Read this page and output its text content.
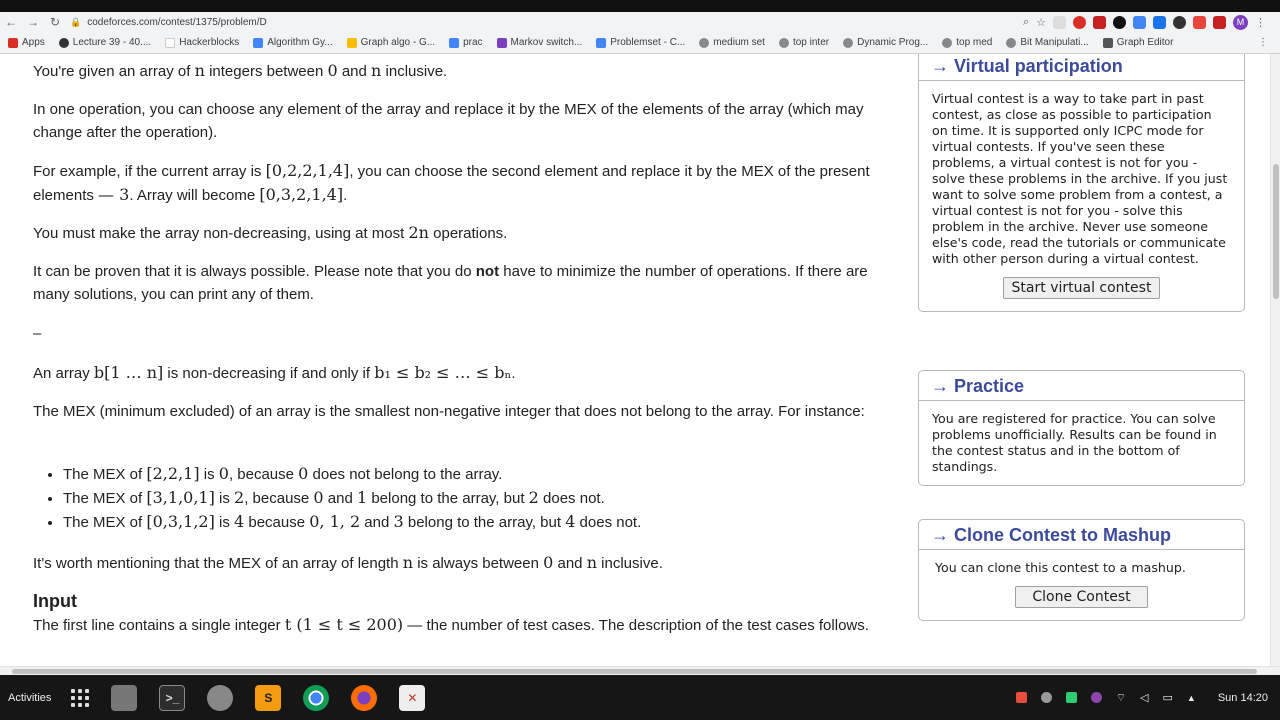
← → ↻	🔒 codeforces.com/contest/1375/problem/D	⌕ ☆	M ⋮
Apps	Lecture 39 - 40....	Hackerblocks	Algorithm Gy...	Graph algo - G...	prac	Markov switch...	Problemset - C...	medium set	top inter	Dynamic Prog...	top med	Bit Manipulati...	Graph Editor	⋮

You're given an array of n integers between 0 and n inclusive.

In one operation, you can choose any element of the array and replace it by the MEX of the elements of the array (which may change after the operation).

For example, if the current array is [0,2,2,1,4], you can choose the second element and replace it by the MEX of the present elements — 3. Array will become [0,3,2,1,4].

You must make the array non-decreasing, using at most 2n operations.

It can be proven that it is always possible. Please note that you do not have to minimize the number of operations. If there are many solutions, you can print any of them.

–

An array b[1 … n] is non-decreasing if and only if b₁ ≤ b₂ ≤ … ≤ bₙ.

The MEX (minimum excluded) of an array is the smallest non-negative integer that does not belong to the array. For instance:

• The MEX of [2,2,1] is 0, because 0 does not belong to the array.
• The MEX of [3,1,0,1] is 2, because 0 and 1 belong to the array, but 2 does not.
• The MEX of [0,3,1,2] is 4 because 0, 1, 2 and 3 belong to the array, but 4 does not.

It's worth mentioning that the MEX of an array of length n is always between 0 and n inclusive.

Input

The first line contains a single integer t (1 ≤ t ≤ 200) — the number of test cases. The description of the test cases follows.

→ Virtual participation
Virtual contest is a way to take part in past contest, as close as possible to participation on time. It is supported only ICPC mode for virtual contests. If you've seen these problems, a virtual contest is not for you - solve these problems in the archive. If you just want to solve some problem from a contest, a virtual contest is not for you - solve this problem in the archive. Never use someone else's code, read the tutorials or communicate with other person during a virtual contest.
Start virtual contest
→ Practice
You are registered for practice. You can solve problems unofficially. Results can be found in the contest status and in the bottom of standings.
→ Clone Contest to Mashup
You can clone this contest to a mashup.
Clone Contest
Activities	>_	S	✕	⌔ ◁ ▭ ▲ Sun 14:20
